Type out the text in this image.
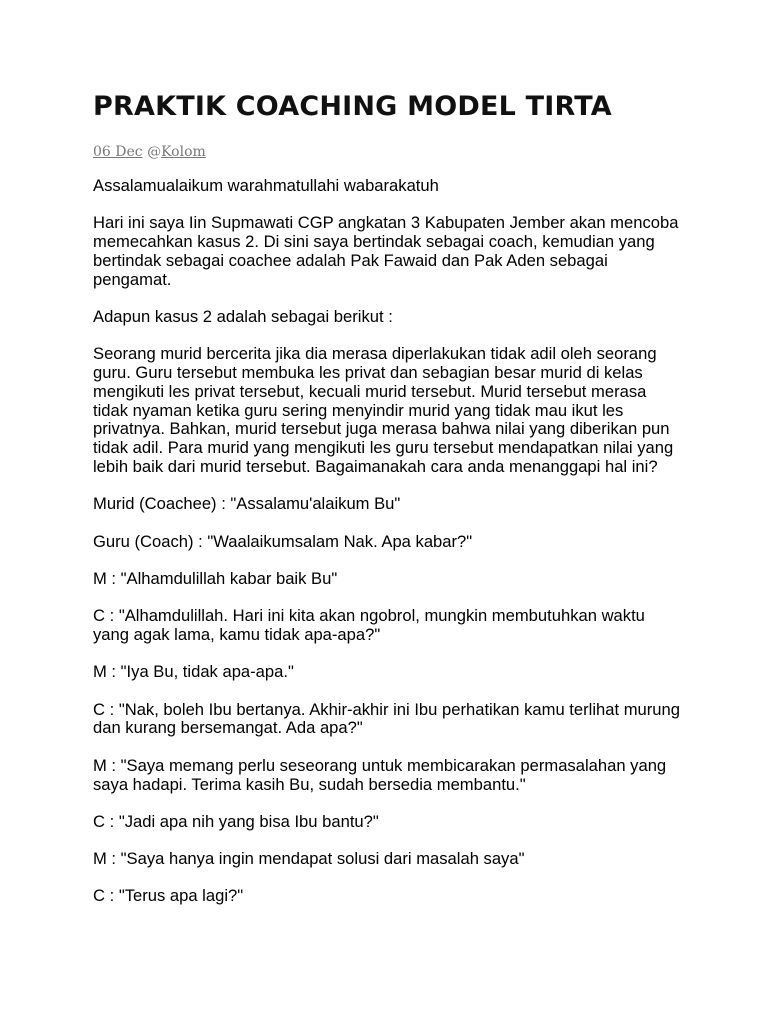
PRAKTIK COACHING MODEL TIRTA
06 Dec @Kolom

Assalamualaikum warahmatullahi wabarakatuh

Hari ini saya Iin Supmawati CGP angkatan 3 Kabupaten Jember akan mencoba memecahkan kasus 2. Di sini saya bertindak sebagai coach, kemudian yang bertindak sebagai coachee adalah Pak Fawaid dan Pak Aden sebagai pengamat.

Adapun kasus 2 adalah sebagai berikut :

Seorang murid bercerita jika dia merasa diperlakukan tidak adil oleh seorang guru. Guru tersebut membuka les privat dan sebagian besar murid di kelas mengikuti les privat tersebut, kecuali murid tersebut. Murid tersebut merasa tidak nyaman ketika guru sering menyindir murid yang tidak mau ikut les privatnya. Bahkan, murid tersebut juga merasa bahwa nilai yang diberikan pun tidak adil. Para murid yang mengikuti les guru tersebut mendapatkan nilai yang lebih baik dari murid tersebut. Bagaimanakah cara anda menanggapi hal ini?

Murid (Coachee) : "Assalamu'alaikum Bu"

Guru (Coach) : "Waalaikumsalam Nak. Apa kabar?"

M : "Alhamdulillah kabar baik Bu"

C : "Alhamdulillah. Hari ini kita akan ngobrol, mungkin membutuhkan waktu yang agak lama, kamu tidak apa-apa?"

M : "Iya Bu, tidak apa-apa."

C : "Nak, boleh Ibu bertanya. Akhir-akhir ini Ibu perhatikan kamu terlihat murung dan kurang bersemangat. Ada apa?"

M : "Saya memang perlu seseorang untuk membicarakan permasalahan yang saya hadapi. Terima kasih Bu, sudah bersedia membantu."

C : "Jadi apa nih yang bisa Ibu bantu?"

M : "Saya hanya ingin mendapat solusi dari masalah saya"

C : "Terus apa lagi?"
